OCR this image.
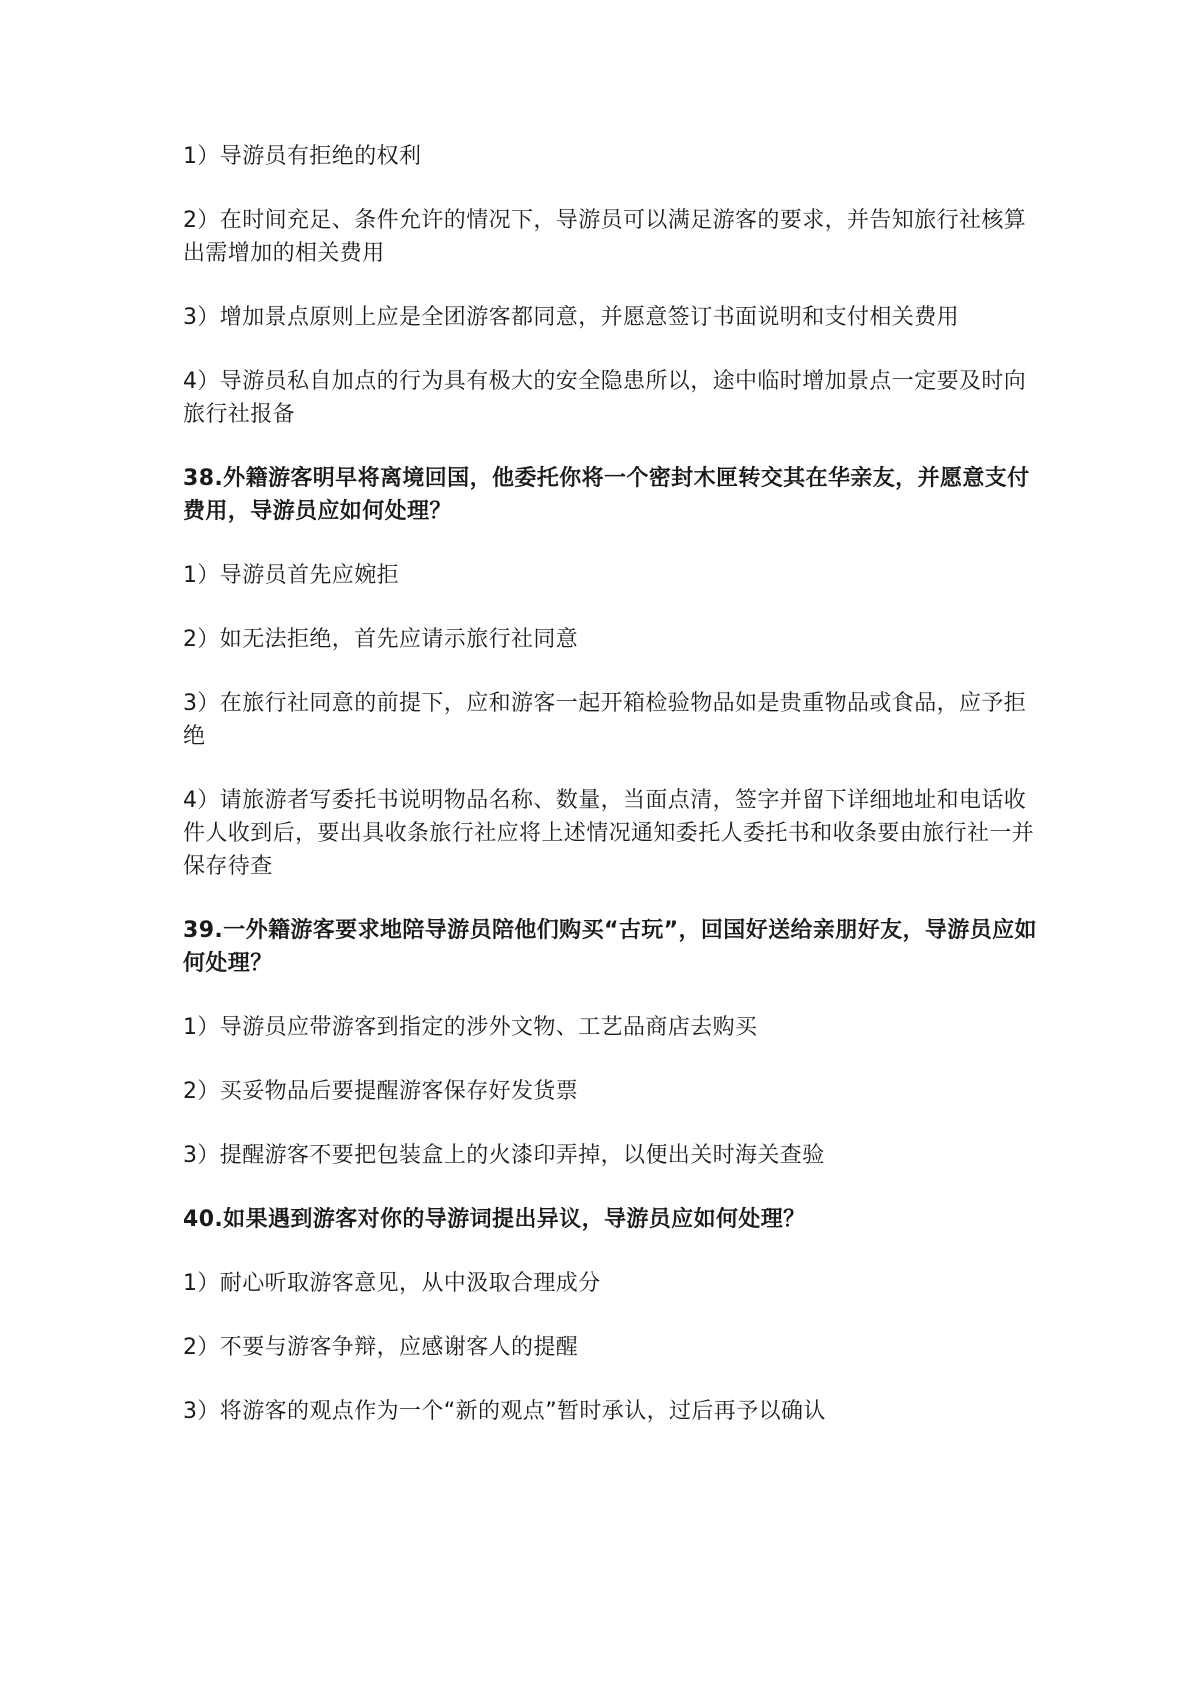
1）导游员有拒绝的权利

2）在时间充足、条件允许的情况下，导游员可以满足游客的要求，并告知旅行社核算出需增加的相关费用

3）增加景点原则上应是全团游客都同意，并愿意签订书面说明和支付相关费用

4）导游员私自加点的行为具有极大的安全隐患所以，途中临时增加景点一定要及时向旅行社报备

38.外籍游客明早将离境回国，他委托你将一个密封木匣转交其在华亲友，并愿意支付费用，导游员应如何处理？

1）导游员首先应婉拒

2）如无法拒绝，首先应请示旅行社同意

3）在旅行社同意的前提下，应和游客一起开箱检验物品如是贵重物品或食品，应予拒绝

4）请旅游者写委托书说明物品名称、数量，当面点清，签字并留下详细地址和电话收件人收到后，要出具收条旅行社应将上述情况通知委托人委托书和收条要由旅行社一并保存待查

39.一外籍游客要求地陪导游员陪他们购买“古玩”，回国好送给亲朋好友，导游员应如何处理？

1）导游员应带游客到指定的涉外文物、工艺品商店去购买

2）买妥物品后要提醒游客保存好发货票

3）提醒游客不要把包装盒上的火漆印弄掉，以便出关时海关查验

40.如果遇到游客对你的导游词提出异议，导游员应如何处理？

1）耐心听取游客意见，从中汲取合理成分

2）不要与游客争辩，应感谢客人的提醒

3）将游客的观点作为一个“新的观点”暂时承认，过后再予以确认
